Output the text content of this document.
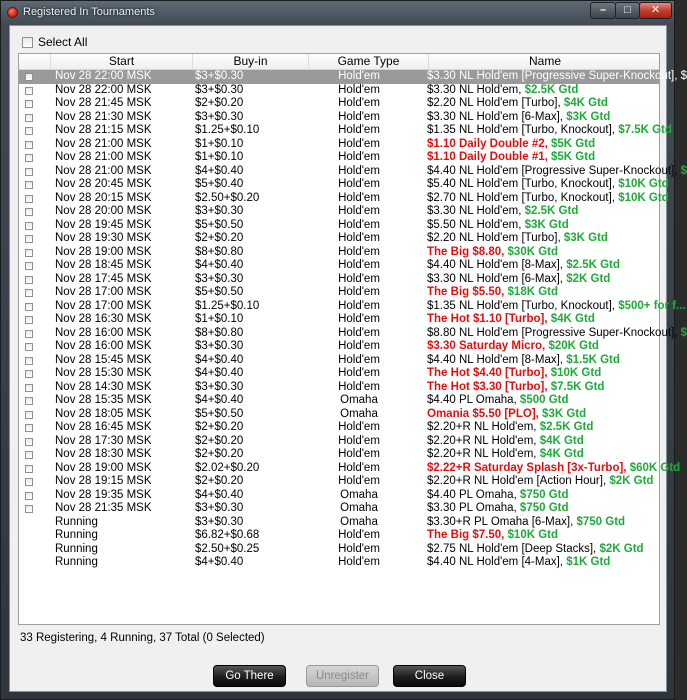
Registered In Tournaments	–	□	✕
Select All
Start	Buy-in	Game Type	Name
Nov 28 22:00 MSK	$3+$0.30	Hold'em	$3.30 NL Hold'em [Progressive Super-Knockout], $
Nov 28 22:00 MSK	$3+$0.30	Hold'em	$3.30 NL Hold'em, $2.5K Gtd
Nov 28 21:45 MSK	$2+$0.20	Hold'em	$2.20 NL Hold'em [Turbo], $4K Gtd
Nov 28 21:30 MSK	$3+$0.30	Hold'em	$3.30 NL Hold'em [6-Max], $3K Gtd
Nov 28 21:15 MSK	$1.25+$0.10	Hold'em	$1.35 NL Hold'em [Turbo, Knockout], $7.5K Gtd
Nov 28 21:00 MSK	$1+$0.10	Hold'em	$1.10 Daily Double #2, $5K Gtd
Nov 28 21:00 MSK	$1+$0.10	Hold'em	$1.10 Daily Double #1, $5K Gtd
Nov 28 21:00 MSK	$4+$0.40	Hold'em	$4.40 NL Hold'em [Progressive Super-Knockout], $
Nov 28 20:45 MSK	$5+$0.40	Hold'em	$5.40 NL Hold'em [Turbo, Knockout], $10K Gtd
Nov 28 20:15 MSK	$2.50+$0.20	Hold'em	$2.70 NL Hold'em [Turbo, Knockout], $10K Gtd
Nov 28 20:00 MSK	$3+$0.30	Hold'em	$3.30 NL Hold'em, $2.5K Gtd
Nov 28 19:45 MSK	$5+$0.50	Hold'em	$5.50 NL Hold'em, $3K Gtd
Nov 28 19:30 MSK	$2+$0.20	Hold'em	$2.20 NL Hold'em [Turbo], $3K Gtd
Nov 28 19:00 MSK	$8+$0.80	Hold'em	The Big $8.80, $30K Gtd
Nov 28 18:45 MSK	$4+$0.40	Hold'em	$4.40 NL Hold'em [8-Max], $2.5K Gtd
Nov 28 17:45 MSK	$3+$0.30	Hold'em	$3.30 NL Hold'em [6-Max], $2K Gtd
Nov 28 17:00 MSK	$5+$0.50	Hold'em	The Big $5.50, $18K Gtd
Nov 28 17:00 MSK	$1.25+$0.10	Hold'em	$1.35 NL Hold'em [Turbo, Knockout], $500+ for f...
Nov 28 16:30 MSK	$1+$0.10	Hold'em	The Hot $1.10 [Turbo], $4K Gtd
Nov 28 16:00 MSK	$8+$0.80	Hold'em	$8.80 NL Hold'em [Progressive Super-Knockout], $
Nov 28 16:00 MSK	$3+$0.30	Hold'em	$3.30 Saturday Micro, $20K Gtd
Nov 28 15:45 MSK	$4+$0.40	Hold'em	$4.40 NL Hold'em [8-Max], $1.5K Gtd
Nov 28 15:30 MSK	$4+$0.40	Hold'em	The Hot $4.40 [Turbo], $10K Gtd
Nov 28 14:30 MSK	$3+$0.30	Hold'em	The Hot $3.30 [Turbo], $7.5K Gtd
Nov 28 15:35 MSK	$4+$0.40	Omaha	$4.40 PL Omaha, $500 Gtd
Nov 28 18:05 MSK	$5+$0.50	Omaha	Omania $5.50 [PLO], $3K Gtd
Nov 28 16:45 MSK	$2+$0.20	Hold'em	$2.20+R NL Hold'em, $2.5K Gtd
Nov 28 17:30 MSK	$2+$0.20	Hold'em	$2.20+R NL Hold'em, $4K Gtd
Nov 28 18:30 MSK	$2+$0.20	Hold'em	$2.20+R NL Hold'em, $4K Gtd
Nov 28 19:00 MSK	$2.02+$0.20	Hold'em	$2.22+R Saturday Splash [3x-Turbo], $60K Gtd
Nov 28 19:15 MSK	$2+$0.20	Hold'em	$2.20+R NL Hold'em [Action Hour], $2K Gtd
Nov 28 19:35 MSK	$4+$0.40	Omaha	$4.40 PL Omaha, $750 Gtd
Nov 28 21:35 MSK	$3+$0.30	Omaha	$3.30 PL Omaha, $750 Gtd
Running	$3+$0.30	Omaha	$3.30+R PL Omaha [6-Max], $750 Gtd
Running	$6.82+$0.68	Hold'em	The Big $7.50, $10K Gtd
Running	$2.50+$0.25	Hold'em	$2.75 NL Hold'em [Deep Stacks], $2K Gtd
Running	$4+$0.40	Hold'em	$4.40 NL Hold'em [4-Max], $1K Gtd
33 Registering, 4 Running, 37 Total (0 Selected)
Go There	Unregister	Close
